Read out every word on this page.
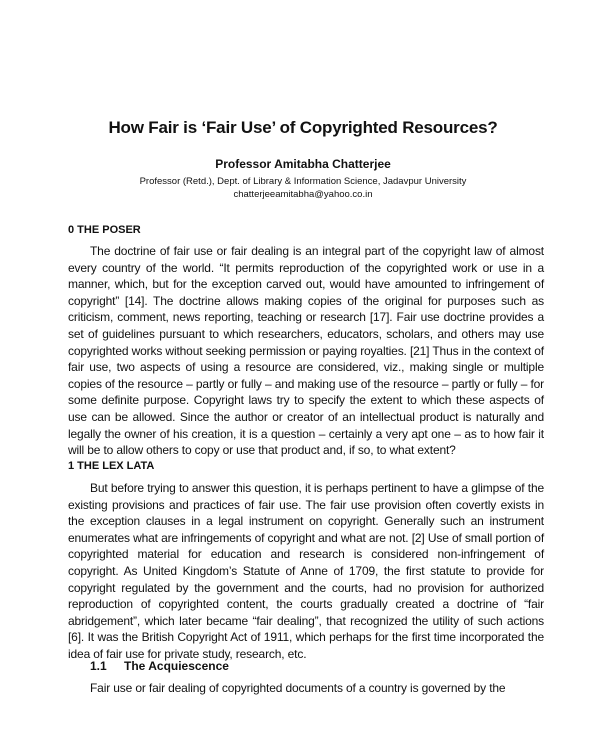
How Fair is ‘Fair Use’ of Copyrighted Resources?
Professor Amitabha Chatterjee
Professor (Retd.), Dept. of Library & Information Science, Jadavpur University
chatterjeeamitabha@yahoo.co.in
0 THE POSER

The doctrine of fair use or fair dealing is an integral part of the copyright law of almost every country of the world. “It permits reproduction of the copyrighted work or use in a manner, which, but for the exception carved out, would have amounted to infringement of copyright” [14]. The doctrine allows making copies of the original for purposes such as criticism, comment, news reporting, teaching or research [17]. Fair use doctrine provides a set of guidelines pursuant to which researchers, educators, scholars, and others may use copyrighted works without seeking permission or paying royalties. [21] Thus in the context of fair use, two aspects of using a resource are considered, viz., making single or multiple copies of the resource – partly or fully – and making use of the resource – partly or fully – for some definite purpose. Copyright laws try to specify the extent to which these aspects of use can be allowed. Since the author or creator of an intellectual product is naturally and legally the owner of his creation, it is a question – certainly a very apt one – as to how fair it will be to allow others to copy or use that product and, if so, to what extent?

1 THE LEX LATA

But before trying to answer this question, it is perhaps pertinent to have a glimpse of the existing provisions and practices of fair use. The fair use provision often covertly exists in the exception clauses in a legal instrument on copyright. Generally such an instrument enumerates what are infringements of copyright and what are not. [2] Use of small portion of copyrighted material for education and research is considered non-infringement of copyright. As United Kingdom’s Statute of Anne of 1709, the first statute to provide for copyright regulated by the government and the courts, had no provision for authorized reproduction of copyrighted content, the courts gradually created a doctrine of “fair abridgement”, which later became “fair dealing”, that recognized the utility of such actions [6]. It was the British Copyright Act of 1911, which perhaps for the first time incorporated the idea of fair use for private study, research, etc.

1.1 The Acquiescence

Fair use or fair dealing of copyrighted documents of a country is governed by the
